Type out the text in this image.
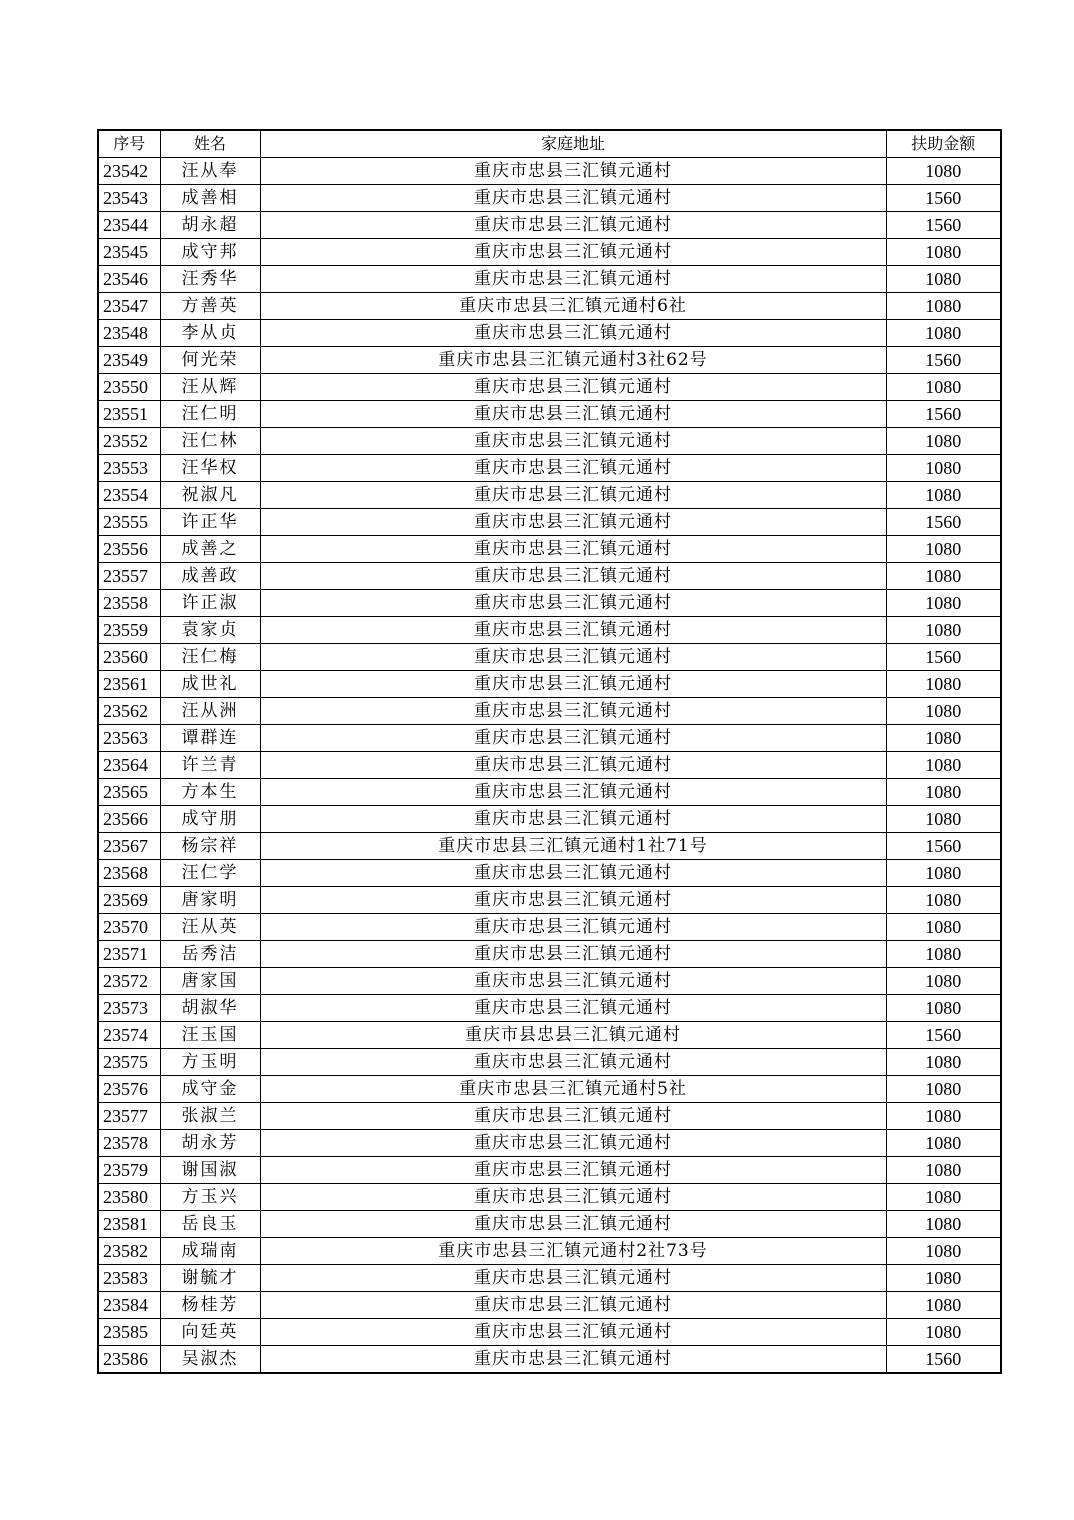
序号	姓名	家庭地址	扶助金额
23542	汪从奉	重庆市忠县三汇镇元通村	1080
23543	成善相	重庆市忠县三汇镇元通村	1560
23544	胡永超	重庆市忠县三汇镇元通村	1560
23545	成守邦	重庆市忠县三汇镇元通村	1080
23546	汪秀华	重庆市忠县三汇镇元通村	1080
23547	方善英	重庆市忠县三汇镇元通村6社	1080
23548	李从贞	重庆市忠县三汇镇元通村	1080
23549	何光荣	重庆市忠县三汇镇元通村3社62号	1560
23550	汪从辉	重庆市忠县三汇镇元通村	1080
23551	汪仁明	重庆市忠县三汇镇元通村	1560
23552	汪仁林	重庆市忠县三汇镇元通村	1080
23553	汪华权	重庆市忠县三汇镇元通村	1080
23554	祝淑凡	重庆市忠县三汇镇元通村	1080
23555	许正华	重庆市忠县三汇镇元通村	1560
23556	成善之	重庆市忠县三汇镇元通村	1080
23557	成善政	重庆市忠县三汇镇元通村	1080
23558	许正淑	重庆市忠县三汇镇元通村	1080
23559	袁家贞	重庆市忠县三汇镇元通村	1080
23560	汪仁梅	重庆市忠县三汇镇元通村	1560
23561	成世礼	重庆市忠县三汇镇元通村	1080
23562	汪从洲	重庆市忠县三汇镇元通村	1080
23563	谭群连	重庆市忠县三汇镇元通村	1080
23564	许兰青	重庆市忠县三汇镇元通村	1080
23565	方本生	重庆市忠县三汇镇元通村	1080
23566	成守朋	重庆市忠县三汇镇元通村	1080
23567	杨宗祥	重庆市忠县三汇镇元通村1社71号	1560
23568	汪仁学	重庆市忠县三汇镇元通村	1080
23569	唐家明	重庆市忠县三汇镇元通村	1080
23570	汪从英	重庆市忠县三汇镇元通村	1080
23571	岳秀洁	重庆市忠县三汇镇元通村	1080
23572	唐家国	重庆市忠县三汇镇元通村	1080
23573	胡淑华	重庆市忠县三汇镇元通村	1080
23574	汪玉国	重庆市县忠县三汇镇元通村	1560
23575	方玉明	重庆市忠县三汇镇元通村	1080
23576	成守金	重庆市忠县三汇镇元通村5社	1080
23577	张淑兰	重庆市忠县三汇镇元通村	1080
23578	胡永芳	重庆市忠县三汇镇元通村	1080
23579	谢国淑	重庆市忠县三汇镇元通村	1080
23580	方玉兴	重庆市忠县三汇镇元通村	1080
23581	岳良玉	重庆市忠县三汇镇元通村	1080
23582	成瑞南	重庆市忠县三汇镇元通村2社73号	1080
23583	谢毓才	重庆市忠县三汇镇元通村	1080
23584	杨桂芳	重庆市忠县三汇镇元通村	1080
23585	向廷英	重庆市忠县三汇镇元通村	1080
23586	吴淑杰	重庆市忠县三汇镇元通村	1560
